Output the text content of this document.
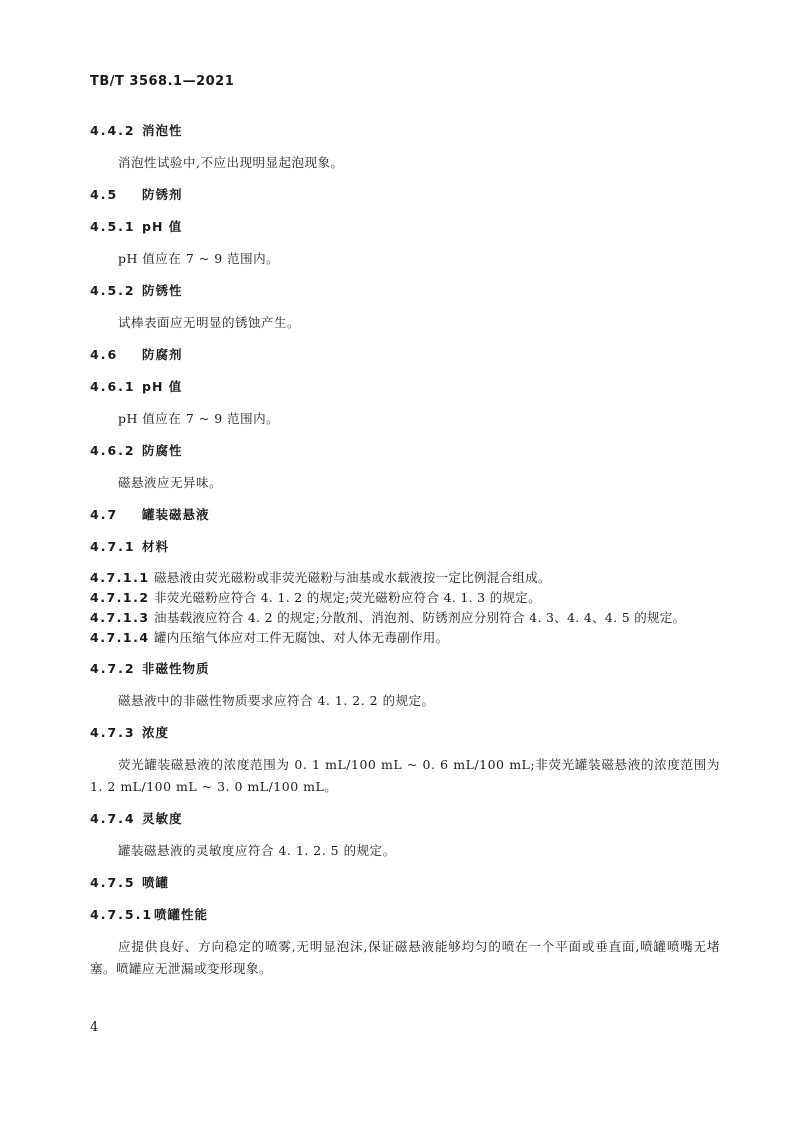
TB/T 3568.1—2021
4.4.2 消泡性
消泡性试验中,不应出现明显起泡现象。
4.5 防锈剂
4.5.1 pH 值
pH 值应在 7 ~ 9 范围内。
4.5.2 防锈性
试棒表面应无明显的锈蚀产生。
4.6 防腐剂
4.6.1 pH 值
pH 值应在 7 ~ 9 范围内。
4.6.2 防腐性
磁悬液应无异味。
4.7 罐装磁悬液
4.7.1 材料
4.7.1.1 磁悬液由荧光磁粉或非荧光磁粉与油基或水载液按一定比例混合组成。
4.7.1.2 非荧光磁粉应符合 4. 1. 2 的规定;荧光磁粉应符合 4. 1. 3 的规定。
4.7.1.3 油基载液应符合 4. 2 的规定;分散剂、消泡剂、防锈剂应分别符合 4. 3、4. 4、4. 5 的规定。
4.7.1.4 罐内压缩气体应对工件无腐蚀、对人体无毒副作用。
4.7.2 非磁性物质
磁悬液中的非磁性物质要求应符合 4. 1. 2. 2 的规定。
4.7.3 浓度
荧光罐装磁悬液的浓度范围为 0. 1 mL/100 mL ~ 0. 6 mL/100 mL;非荧光罐装磁悬液的浓度范围为 1. 2 mL/100 mL ~ 3. 0 mL/100 mL。
4.7.4 灵敏度
罐装磁悬液的灵敏度应符合 4. 1. 2. 5 的规定。
4.7.5 喷罐
4.7.5.1喷罐性能
应提供良好、方向稳定的喷雾,无明显泡沫,保证磁悬液能够均匀的喷在一个平面或垂直面,喷罐喷嘴无堵塞。喷罐应无泄漏或变形现象。
4
